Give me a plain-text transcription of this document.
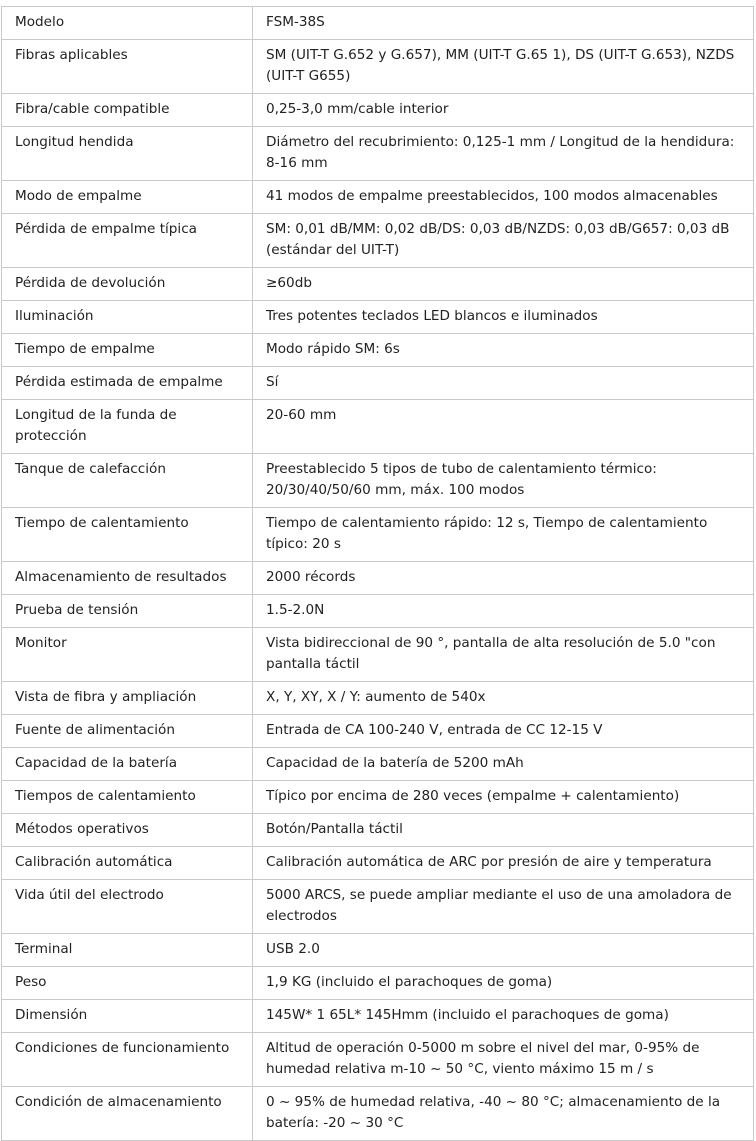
Modelo	FSM-38S
Fibras aplicables	SM (UIT-T G.652 y G.657), MM (UIT-T G.65 1), DS (UIT-T G.653), NZDS (UIT-T G655)
Fibra/cable compatible	0,25-3,0 mm/cable interior
Longitud hendida	Diámetro del recubrimiento: 0,125-1 mm / Longitud de la hendidura: 8-16 mm
Modo de empalme	41 modos de empalme preestablecidos, 100 modos almacenables
Pérdida de empalme típica	SM: 0,01 dB/MM: 0,02 dB/DS: 0,03 dB/NZDS: 0,03 dB/G657: 0,03 dB (estándar del UIT-T)
Pérdida de devolución	≥60db
Iluminación	Tres potentes teclados LED blancos e iluminados
Tiempo de empalme	Modo rápido SM: 6s
Pérdida estimada de empalme	Sí
Longitud de la funda de protección	20-60 mm
Tanque de calefacción	Preestablecido 5 tipos de tubo de calentamiento térmico: 20/30/40/50/60 mm, máx. 100 modos
Tiempo de calentamiento	Tiempo de calentamiento rápido: 12 s, Tiempo de calentamiento típico: 20 s
Almacenamiento de resultados	2000 récords
Prueba de tensión	1.5-2.0N
Monitor	Vista bidireccional de 90 °, pantalla de alta resolución de 5.0 "con pantalla táctil
Vista de fibra y ampliación	X, Y, XY, X / Y: aumento de 540x
Fuente de alimentación	Entrada de CA 100-240 V, entrada de CC 12-15 V
Capacidad de la batería	Capacidad de la batería de 5200 mAh
Tiempos de calentamiento	Típico por encima de 280 veces (empalme + calentamiento)
Métodos operativos	Botón/Pantalla táctil
Calibración automática	Calibración automática de ARC por presión de aire y temperatura
Vida útil del electrodo	5000 ARCS, se puede ampliar mediante el uso de una amoladora de electrodos
Terminal	USB 2.0
Peso	1,9 KG (incluido el parachoques de goma)
Dimensión	145W* 1 65L* 145Hmm (incluido el parachoques de goma)
Condiciones de funcionamiento	Altitud de operación 0-5000 m sobre el nivel del mar, 0-95% de humedad relativa m-10 ~ 50 °C, viento máximo 15 m / s
Condición de almacenamiento	0 ~ 95% de humedad relativa, -40 ~ 80 °C; almacenamiento de la batería: -20 ~ 30 °C
